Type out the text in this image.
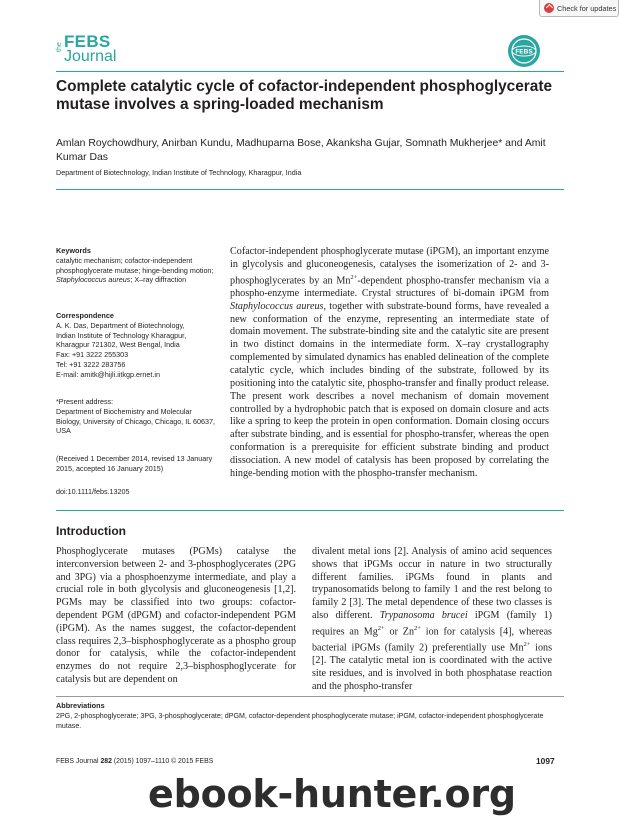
Check for updates
the FEBS
Journal	FEBS
Complete catalytic cycle of cofactor-independent phosphoglycerate mutase involves a spring-loaded mechanism
Amlan Roychowdhury, Anirban Kundu, Madhuparna Bose, Akanksha Gujar, Somnath Mukherjee* and Amit Kumar Das
Department of Biotechnology, Indian Institute of Technology, Kharagpur, India
Keywords

catalytic mechanism; cofactor-independent phosphoglycerate mutase; hinge-bending motion; Staphylococcus aureus; X–ray diffraction

Correspondence

A. K. Das, Department of Biotechnology,

Indian Institute of Technology Kharagpur,

Kharagpur 721302, West Bengal, India

Fax: +91 3222 255303

Tel: +91 3222 283756

E-mail: amitk@hijli.iitkgp.ernet.in

*Present address:

Department of Biochemistry and Molecular Biology, University of Chicago, Chicago, IL 60637, USA

(Received 1 December 2014, revised 13 January 2015, accepted 16 January 2015)
doi:10.1111/febs.13205

Cofactor-independent phosphoglycerate mutase (iPGM), an important enzyme in glycolysis and gluconeogenesis, catalyses the isomerization of 2- and 3-phosphoglycerates by an $Mn^{2+}$-dependent phospho-transfer mechanism via a phospho-enzyme intermediate. Crystal structures of bi-domain iPGM from Staphylococcus aureus, together with substrate-bound forms, have revealed a new conformation of the enzyme, representing an intermediate state of domain movement. The substrate-binding site and the catalytic site are present in two distinct domains in the intermediate form. X–ray crystallography complemented by simulated dynamics has enabled delineation of the complete catalytic cycle, which includes binding of the substrate, followed by its positioning into the catalytic site, phospho-transfer and finally product release. The present work describes a novel mechanism of domain movement controlled by a hydrophobic patch that is exposed on domain closure and acts like a spring to keep the protein in open conformation. Domain closing occurs after substrate binding, and is essential for phospho-transfer, whereas the open conformation is a prerequisite for efficient substrate binding and product dissociation. A new model of catalysis has been proposed by correlating the hinge-bending motion with the phospho-transfer mechanism.

Introduction

Phosphoglycerate mutases (PGMs) catalyse the interconversion between 2- and 3-phosphoglycerates (2PG and 3PG) via a phosphoenzyme intermediate, and play a crucial role in both glycolysis and gluconeogenesis [1,2]. PGMs may be classified into two groups: cofactor-dependent PGM (dPGM) and cofactor-independent PGM (iPGM). As the names suggest, the cofactor-dependent class requires 2,3–bisphosphoglycerate as a phospho group donor for catalysis, while the cofactor-independent enzymes do not require 2,3–bisphosphoglycerate for catalysis but are dependent on

divalent metal ions [2]. Analysis of amino acid sequences shows that iPGMs occur in nature in two structurally different families. iPGMs found in plants and trypanosomatids belong to family 1 and the rest belong to family 2 [3]. The metal dependence of these two classes is also different. Trypanosoma brucei iPGM (family 1) requires an $Mg^{2+}$ or $Zn^{2+}$ ion for catalysis [4], whereas bacterial iPGMs (family 2) preferentially use $Mn^{2+}$ ions [2]. The catalytic metal ion is coordinated with the active site residues, and is involved in both phosphatase reaction and the phospho-transfer

Abbreviations

2PG, 2-phosphoglycerate; 3PG, 3-phosphoglycerate; dPGM, cofactor-dependent phosphoglycerate mutase; iPGM, cofactor-independent phosphoglycerate mutase.

FEBS Journal 282 (2015) 1097–1110 © 2015 FEBS	1097
ebook-hunter.org
